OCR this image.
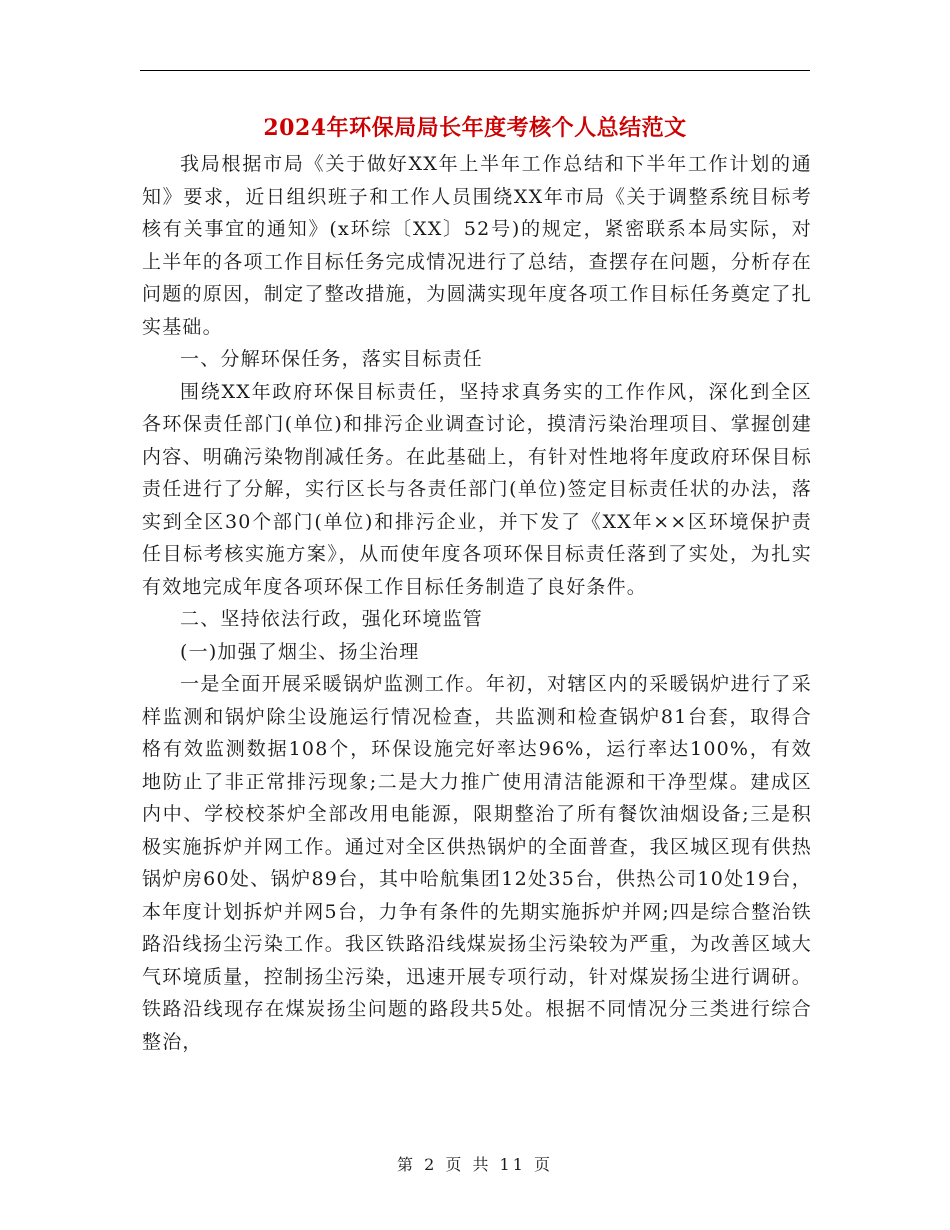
2024年环保局局长年度考核个人总结范文

我局根据市局《关于做好XX年上半年工作总结和下半年工作计划的通知》要求，近日组织班子和工作人员围绕XX年市局《关于调整系统目标考核有关事宜的通知》(x环综〔XX〕52号)的规定，紧密联系本局实际，对上半年的各项工作目标任务完成情况进行了总结，查摆存在问题，分析存在问题的原因，制定了整改措施，为圆满实现年度各项工作目标任务奠定了扎实基础。

一、分解环保任务，落实目标责任

围绕XX年政府环保目标责任，坚持求真务实的工作作风，深化到全区各环保责任部门(单位)和排污企业调查讨论，摸清污染治理项目、掌握创建内容、明确污染物削减任务。在此基础上，有针对性地将年度政府环保目标责任进行了分解，实行区长与各责任部门(单位)签定目标责任状的办法，落实到全区30个部门(单位)和排污企业，并下发了《XX年××区环境保护责任目标考核实施方案》，从而使年度各项环保目标责任落到了实处，为扎实有效地完成年度各项环保工作目标任务制造了良好条件。

二、坚持依法行政，强化环境监管

(一)加强了烟尘、扬尘治理

一是全面开展采暖锅炉监测工作。年初，对辖区内的采暖锅炉进行了采样监测和锅炉除尘设施运行情况检查，共监测和检查锅炉81台套，取得合格有效监测数据108个，环保设施完好率达96%，运行率达100%，有效地防止了非正常排污现象;二是大力推广使用清洁能源和干净型煤。建成区内中、学校校茶炉全部改用电能源，限期整治了所有餐饮油烟设备;三是积极实施拆炉并网工作。通过对全区供热锅炉的全面普查，我区城区现有供热锅炉房60处、锅炉89台，其中哈航集团12处35台，供热公司10处19台，本年度计划拆炉并网5台，力争有条件的先期实施拆炉并网;四是综合整治铁路沿线扬尘污染工作。我区铁路沿线煤炭扬尘污染较为严重，为改善区域大气环境质量，控制扬尘污染，迅速开展专项行动，针对煤炭扬尘进行调研。铁路沿线现存在煤炭扬尘问题的路段共5处。根据不同情况分三类进行综合整治，

第 2 页 共 11 页
